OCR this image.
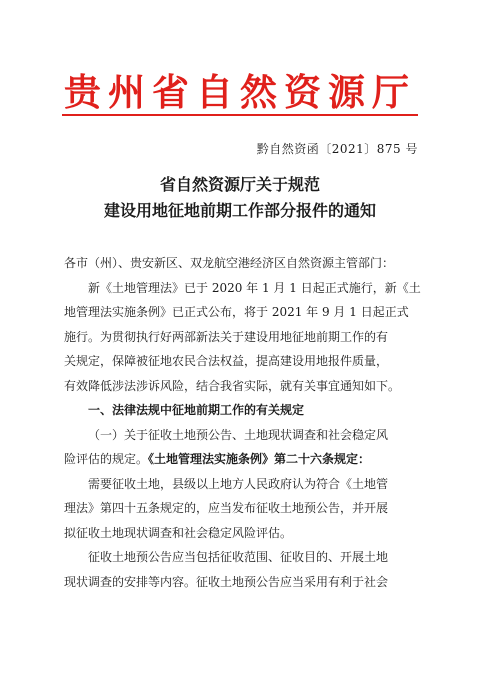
贵州省自然资源厅
黔自然资函〔2021〕875 号
省自然资源厅关于规范
建设用地征地前期工作部分报件的通知
各市（州）、贵安新区、双龙航空港经济区自然资源主管部门：
新《土地管理法》已于 2020 年 1 月 1 日起正式施行，新《土
地管理法实施条例》已正式公布，将于 2021 年 9 月 1 日起正式
施行。为贯彻执行好两部新法关于建设用地征地前期工作的有
关规定，保障被征地农民合法权益，提高建设用地报件质量，
有效降低涉法涉诉风险，结合我省实际，就有关事宜通知如下。
一、法律法规中征地前期工作的有关规定
（一）关于征收土地预公告、土地现状调查和社会稳定风
险评估的规定。《土地管理法实施条例》第二十六条规定：
需要征收土地，县级以上地方人民政府认为符合《土地管
理法》第四十五条规定的，应当发布征收土地预公告，并开展
拟征收土地现状调查和社会稳定风险评估。
征收土地预公告应当包括征收范围、征收目的、开展土地
现状调查的安排等内容。征收土地预公告应当采用有利于社会
